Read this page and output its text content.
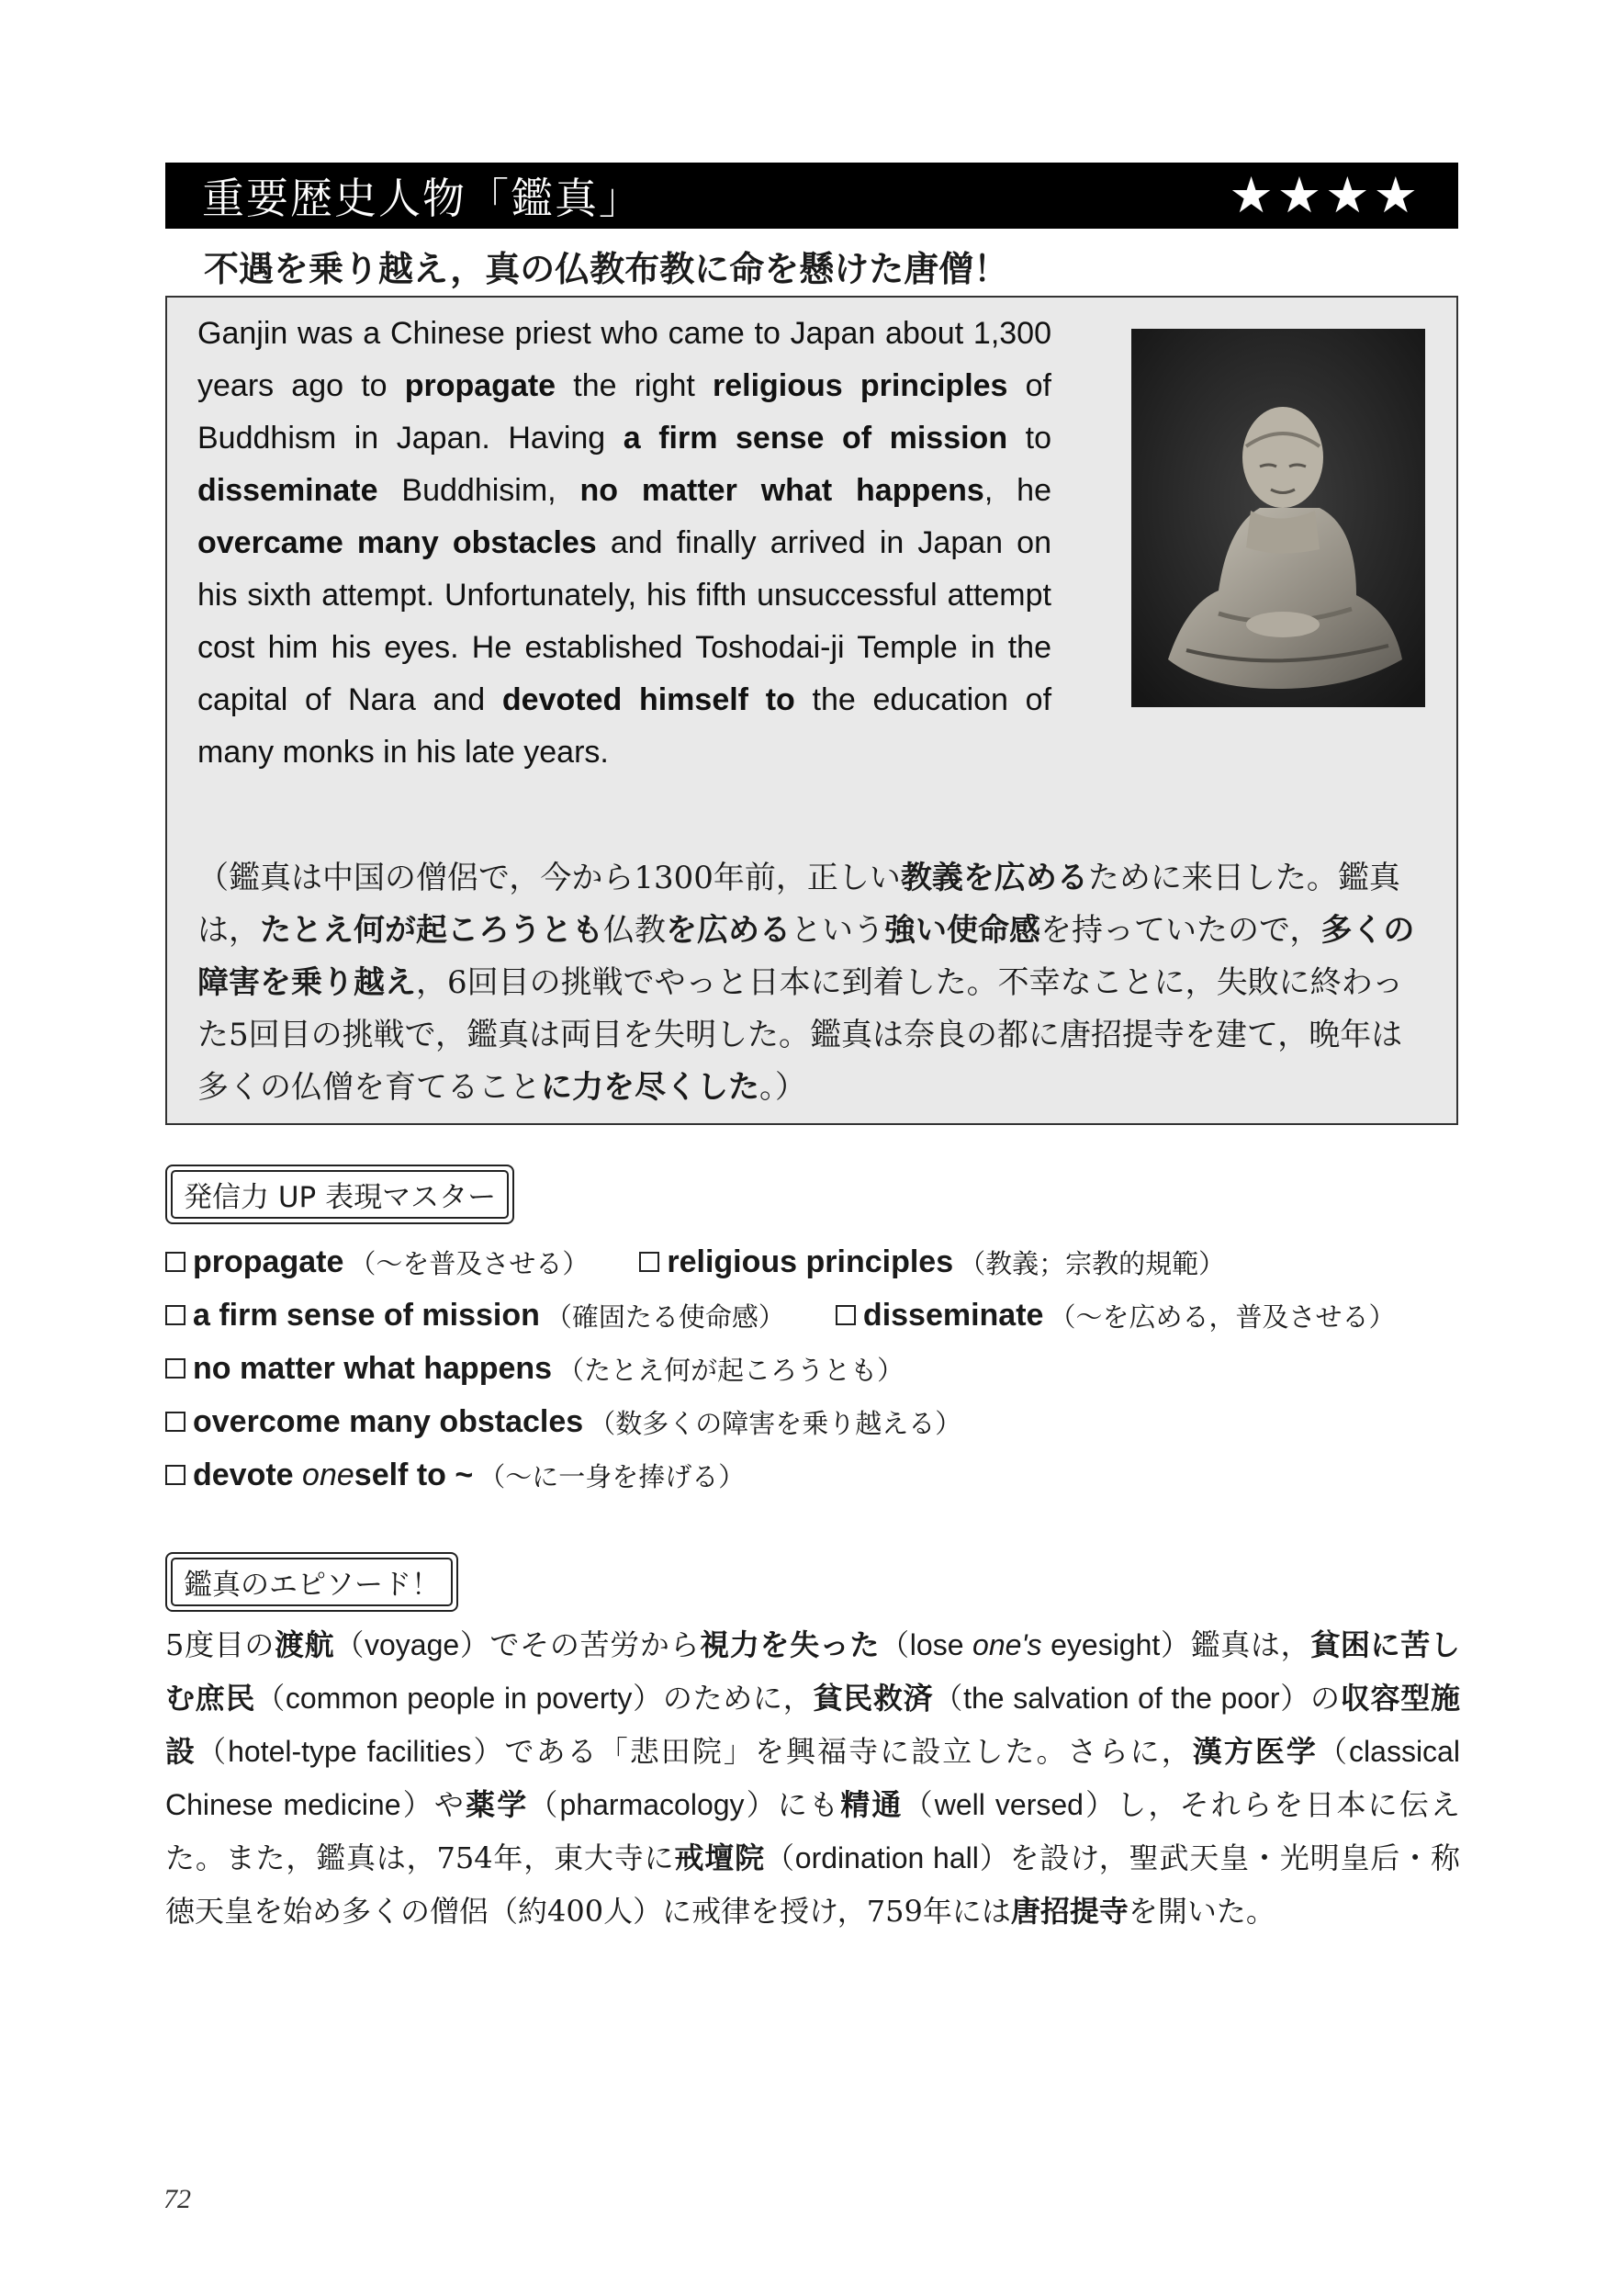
重要歴史人物「鑑真」	★★★★
不遇を乗り越え，真の仏教布教に命を懸けた唐僧！

Ganjin was a Chinese priest who came to Japan about 1,300 years ago to propagate the right religious principles of Buddhism in Japan. Having a firm sense of mission to disseminate Buddhisim, no matter what happens, he overcame many obstacles and finally arrived in Japan on his sixth attempt. Unfortunately, his fifth unsuccessful attempt cost him his eyes. He established Toshodai-ji Temple in the capital of Nara and devoted himself to the education of many monks in his late years.

（鑑真は中国の僧侶で，今から1300年前，正しい教義を広めるために来日した。鑑真は，たとえ何が起ころうとも仏教を広めるという強い使命感を持っていたので，多くの障害を乗り越え，6回目の挑戦でやっと日本に到着した。不幸なことに，失敗に終わった5回目の挑戦で，鑑真は両目を失明した。鑑真は奈良の都に唐招提寺を建て，晩年は多くの仏僧を育てることに力を尽くした。）

発信力 UP 表現マスター
propagate （～を普及させる）	religious principles （教義；宗教的規範）
a firm sense of mission （確固たる使命感）	disseminate （～を広める，普及させる）
no matter what happens （たとえ何が起ころうとも）
overcome many obstacles （数多くの障害を乗り越える）
devote oneself to ~ （～に一身を捧げる）
鑑真のエピソード！

5度目の渡航（voyage）でその苦労から視力を失った（lose one's eyesight）鑑真は，貧困に苦しむ庶民（common people in poverty）のために，貧民救済（the salvation of the poor）の収容型施設（hotel-type facilities）である「悲田院」を興福寺に設立した。さらに，漢方医学（classical Chinese medicine）や薬学（pharmacology）にも精通（well versed）し，それらを日本に伝えた。また，鑑真は，754年，東大寺に戒壇院（ordination hall）を設け，聖武天皇・光明皇后・称徳天皇を始め多くの僧侶（約400人）に戒律を授け，759年には唐招提寺を開いた。

72
